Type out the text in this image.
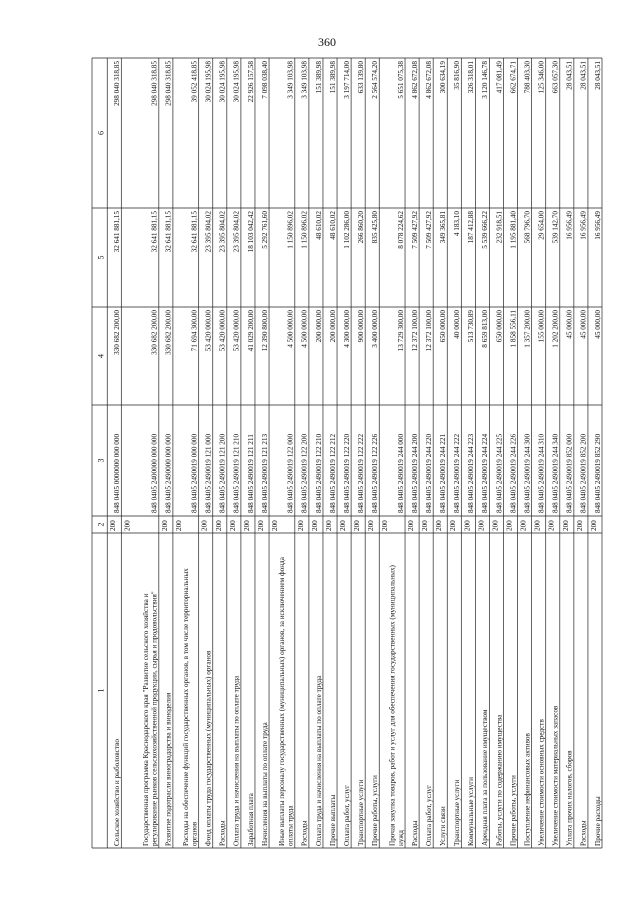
360
1
2
3
4
5
6
Сельское хозяйство и рыболовство
200
848 0405 0000000 000 000
330 682 200,00
32 641 881,15
298 040 318,85
Государственная программа Краснодарского края "Развитие сельского хозяйства ирегулирование рынков сельскохозяйственной продукции, сырья и продовольствия"
200
848 0405 2400000 000 000
330 682 200,00
32 641 881,15
298 040 318,85
Развитие подотрасли виноградарства и виноделия
200
848 0405 2490000 000 000
330 682 200,00
32 641 881,15
298 040 318,85
Расходы на обеспечение функций государственных органов, в том числе территориальныхорганов
200
848 0405 2490019 000 000
71 694 300,00
32 641 881,15
39 052 418,85
Фонд оплаты труда государственных (муниципальных) органов
200
848 0405 2490019 121 000
53 420 000,00
23 395 804,02
30 024 195,98
Расходы
200
848 0405 2490019 121 200
53 420 000,00
23 395 804,02
30 024 195,98
Оплата труда и начисления на выплаты по оплате труда
200
848 0405 2490019 121 210
53 420 000,00
23 395 804,02
30 024 195,98
Заработная плата
200
848 0405 2490019 121 211
41 029 200,00
18 103 042,42
22 926 157,58
Начисления на выплаты по оплате труда
200
848 0405 2490019 121 213
12 390 800,00
5 292 761,60
7 098 038,40
Иные выплаты персоналу государственных (муниципальных) органов, за исключением фондаоплаты труда
200
848 0405 2490019 122 000
4 500 000,00
1 150 896,02
3 349 103,98
Расходы
200
848 0405 2490019 122 200
4 500 000,00
1 150 896,02
3 349 103,98
Оплата труда и начисления на выплаты по оплате труда
200
848 0405 2490019 122 210
200 000,00
48 610,02
151 389,98
Прочие выплаты
200
848 0405 2490019 122 212
200 000,00
48 610,02
151 389,98
Оплата работ, услуг
200
848 0405 2490019 122 220
4 300 000,00
1 102 286,00
3 197 714,00
Транспортные услуги
200
848 0405 2490019 122 222
900 000,00
266 860,20
633 139,80
Прочие работы, услуги
200
848 0405 2490019 122 226
3 400 000,00
835 425,80
2 564 574,20
Прочая закупка товаров, работ и услуг для обеспечения государственных (муниципальных)нужд
200
848 0405 2490019 244 000
13 729 300,00
8 078 224,62
5 651 075,38
Расходы
200
848 0405 2490019 244 200
12 372 100,00
7 509 427,92
4 862 672,08
Оплата работ, услуг
200
848 0405 2490019 244 220
12 372 100,00
7 509 427,92
4 862 672,08
Услуги связи
200
848 0405 2490019 244 221
650 000,00
349 365,81
300 634,19
Транспортные услуги
200
848 0405 2490019 244 222
40 000,00
4 183,10
35 816,90
Коммунальные услуги
200
848 0405 2490019 244 223
513 730,89
187 412,88
326 318,01
Арендная плата за пользование имуществом
200
848 0405 2490019 244 224
8 659 813,00
5 539 666,22
3 120 146,78
Работы, услуги по содержанию имущества
200
848 0405 2490019 244 225
650 000,00
232 918,51
417 081,49
Прочие работы, услуги
200
848 0405 2490019 244 226
1 858 556,11
1 195 881,40
662 674,71
Поступление нефинансовых активов
200
848 0405 2490019 244 300
1 357 200,00
568 796,70
788 403,30
Увеличение стоимости основных средств
200
848 0405 2490019 244 310
155 000,00
29 654,00
125 346,00
Увеличение стоимости материальных запасов
200
848 0405 2490019 244 340
1 202 200,00
539 142,70
663 057,30
Уплата прочих налогов, сборов
200
848 0405 2490019 852 000
45 000,00
16 956,49
28 043,51
Расходы
200
848 0405 2490019 852 200
45 000,00
16 956,49
28 043,51
Прочие расходы
200
848 0405 2490019 852 290
45 000,00
16 956,49
28 043,51
